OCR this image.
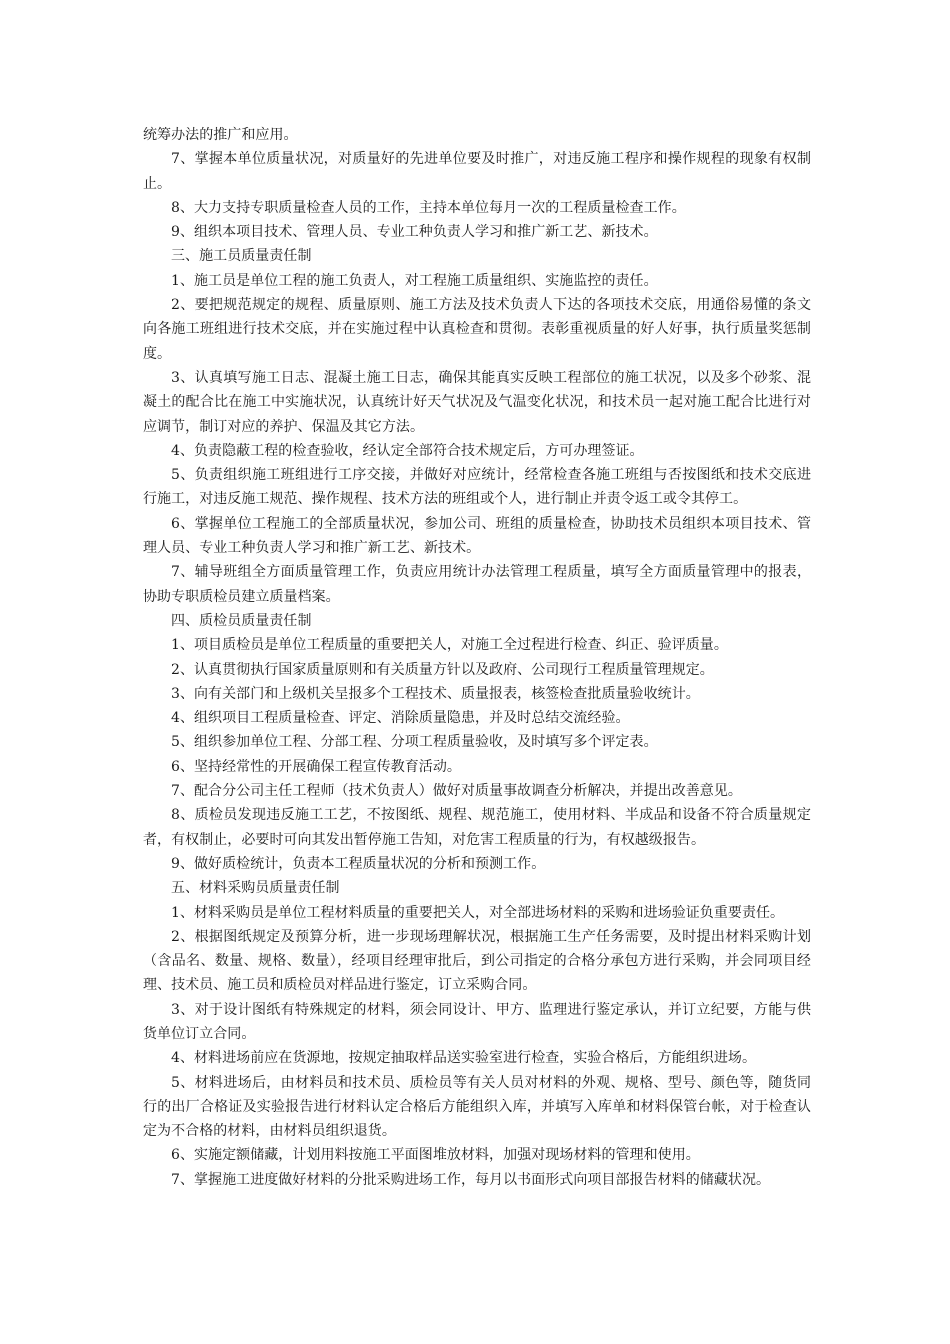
统筹办法的推广和应用。

7、掌握本单位质量状况，对质量好的先进单位要及时推广，对违反施工程序和操作规程的现象有权制止。

8、大力支持专职质量检查人员的工作，主持本单位每月一次的工程质量检查工作。

9、组织本项目技术、管理人员、专业工种负责人学习和推广新工艺、新技术。

三、施工员质量责任制

1、施工员是单位工程的施工负责人，对工程施工质量组织、实施监控的责任。

2、要把规范规定的规程、质量原则、施工方法及技术负责人下达的各项技术交底，用通俗易懂的条文向各施工班组进行技术交底，并在实施过程中认真检查和贯彻。表彰重视质量的好人好事，执行质量奖惩制度。

3、认真填写施工日志、混凝土施工日志，确保其能真实反映工程部位的施工状况，以及多个砂浆、混凝土的配合比在施工中实施状况，认真统计好天气状况及气温变化状况，和技术员一起对施工配合比进行对应调节，制订对应的养护、保温及其它方法。

4、负责隐蔽工程的检查验收，经认定全部符合技术规定后，方可办理签证。

5、负责组织施工班组进行工序交接，并做好对应统计，经常检查各施工班组与否按图纸和技术交底进行施工，对违反施工规范、操作规程、技术方法的班组或个人，进行制止并责令返工或令其停工。

6、掌握单位工程施工的全部质量状况，参加公司、班组的质量检查，协助技术员组织本项目技术、管理人员、专业工种负责人学习和推广新工艺、新技术。

7、辅导班组全方面质量管理工作，负责应用统计办法管理工程质量，填写全方面质量管理中的报表，协助专职质检员建立质量档案。

四、质检员质量责任制

1、项目质检员是单位工程质量的重要把关人，对施工全过程进行检查、纠正、验评质量。

2、认真贯彻执行国家质量原则和有关质量方针以及政府、公司现行工程质量管理规定。

3、向有关部门和上级机关呈报多个工程技术、质量报表，核签检查批质量验收统计。

4、组织项目工程质量检查、评定、消除质量隐患，并及时总结交流经验。

5、组织参加单位工程、分部工程、分项工程质量验收，及时填写多个评定表。

6、坚持经常性的开展确保工程宣传教育活动。

7、配合分公司主任工程师（技术负责人）做好对质量事故调查分析解决，并提出改善意见。

8、质检员发现违反施工工艺，不按图纸、规程、规范施工，使用材料、半成品和设备不符合质量规定者，有权制止，必要时可向其发出暂停施工告知，对危害工程质量的行为，有权越级报告。

9、做好质检统计，负责本工程质量状况的分析和预测工作。

五、材料采购员质量责任制

1、材料采购员是单位工程材料质量的重要把关人，对全部进场材料的采购和进场验证负重要责任。

2、根据图纸规定及预算分析，进一步现场理解状况，根据施工生产任务需要，及时提出材料采购计划（含品名、数量、规格、数量），经项目经理审批后，到公司指定的合格分承包方进行采购，并会同项目经理、技术员、施工员和质检员对样品进行鉴定，订立采购合同。

3、对于设计图纸有特殊规定的材料，须会同设计、甲方、监理进行鉴定承认，并订立纪要，方能与供货单位订立合同。

4、材料进场前应在货源地，按规定抽取样品送实验室进行检查，实验合格后，方能组织进场。

5、材料进场后，由材料员和技术员、质检员等有关人员对材料的外观、规格、型号、颜色等，随货同行的出厂合格证及实验报告进行材料认定合格后方能组织入库，并填写入库单和材料保管台帐，对于检查认定为不合格的材料，由材料员组织退货。

6、实施定额储藏，计划用料按施工平面图堆放材料，加强对现场材料的管理和使用。

7、掌握施工进度做好材料的分批采购进场工作，每月以书面形式向项目部报告材料的储藏状况。
